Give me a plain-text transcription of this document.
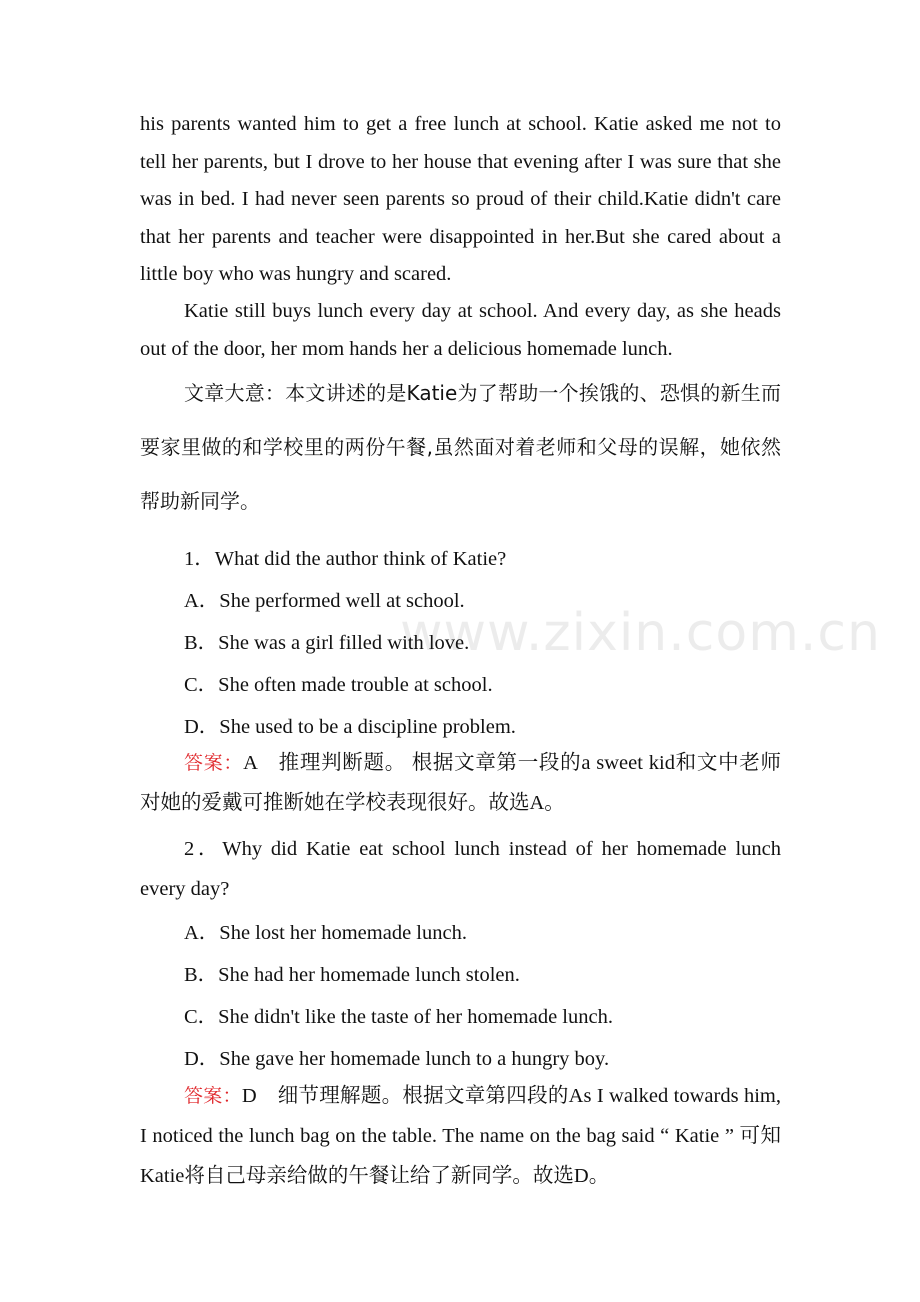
his parents wanted him to get a free lunch at school. Katie asked me not to tell her parents, but I drove to her house that evening after I was sure that she was in bed. I had never seen parents so proud of their child.Katie didn't care that her parents and teacher were disappointed in her.But she cared about a little boy who was hungry and scared.

Katie still buys lunch every day at school. And every day, as she heads out of the door, her mom hands her a delicious homemade lunch.

文章大意：本文讲述的是Katie为了帮助一个挨饿的、恐惧的新生而要家里做的和学校里的两份午餐,虽然面对着老师和父母的误解，她依然帮助新同学。

www.zixin.com.cn
1．What did the author think of Katie?
A．She performed well at school.
B．She was a girl filled with love.
C．She often made trouble at school.
D．She used to be a discipline problem.

答案：A　推理判断题。 根据文章第一段的a sweet kid和文中老师对她的爱戴可推断她在学校表现很好。故选A。

2．Why did Katie eat school lunch instead of her homemade lunch every day?

A．She lost her homemade lunch.
B．She had her homemade lunch stolen.
C．She didn't like the taste of her homemade lunch.
D．She gave her homemade lunch to a hungry boy.

答案：D　细节理解题。根据文章第四段的As I walked towards him, I noticed the lunch bag on the table. The name on the bag said “ Katie ” 可知Katie将自己母亲给做的午餐让给了新同学。故选D。
